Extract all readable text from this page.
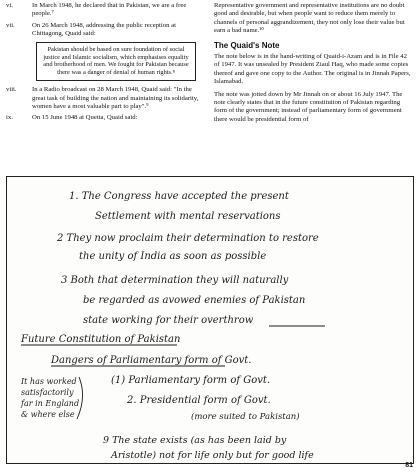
vi.	In March 1948, he declared that in Pakistan, we are a free people.⁷
vii.	On 26 March 1948, addressing the public reception at Chittagong, Quaid said:
Pakistan should be based on sure foundation of social justice and Islamic socialism, which emphasises equality and brotherhood of men. We fought for Pakistan because there was a danger of denial of human rights.⁸
viii. In a Radio broadcast on 28 March 1948, Quaid said: "In the great task of building the nation and maintaining its solidarity, women have a most valuable part to play".⁹
ix.	On 15 June 1948 at Quetta, Quaid said:
Representative government and representative institutions are no doubt good and desirable, but when people want to reduce them merely to channels of personal aggrandizement, they not only lose their value but earn a bad name.¹⁰
The Quaid's Note
The note below is in the hand-writing of Quaid-i-Azam and is in File 42 of 1947. It was unsealed by President Ziaul Haq, who made some copies thereof and gave one copy to the Author. The original is in Jinnah Papers, Islamabad.
The note was jotted down by Mr Jinnah on or about 16 July 1947. The note clearly states that in the future constitution of Pakistan regarding form of the government; instead of parliamentary form of government there would be presidential form of
1. The Congress have accepted the present
Settlement with mental reservations
2 They now proclaim their determination to restore
the unity of India as soon as possible
3 Both that determination they will naturally
be regarded as avowed enemies of Pakistan
state working for their overthrow
Future Constitution of Pakistan
Dangers of Parliamentary form of Govt.
It has worked
satisfactorily
far in England
& where else
(1) Parliamentary form of Govt.
2. Presidential form of Govt.
(more suited to Pakistan)
9 The state exists (as has been laid by
Aristotle) not for life only but for good life
81
